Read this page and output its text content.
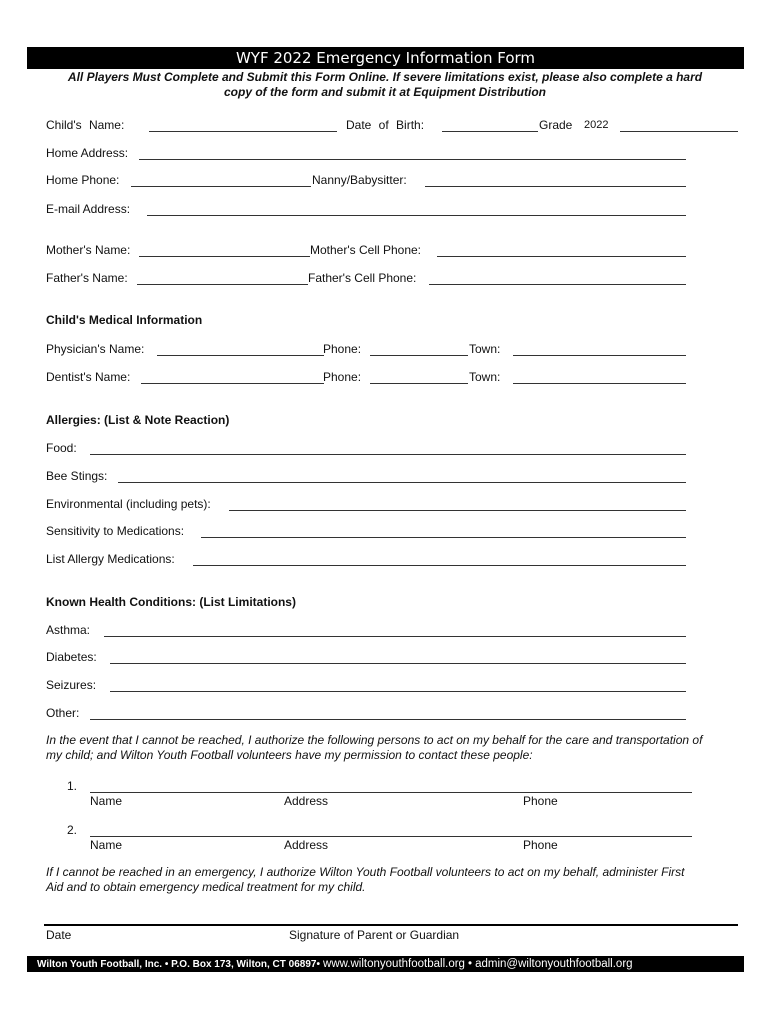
WYF 2022 Emergency Information Form
All Players Must Complete and Submit this Form Online. If severe limitations exist, please also complete a hard
copy of the form and submit it at Equipment Distribution
Child's Name:	Date of Birth:	Grade 2022
Home Address:
Home Phone:	Nanny/Babysitter:
E-mail Address:
Mother's Name:	Mother's Cell Phone:
Father's Name:	Father's Cell Phone:
Child's Medical Information
Physician's Name:	Phone:	Town:
Dentist's Name:	Phone:	Town:
Allergies: (List & Note Reaction)
Food:
Bee Stings:
Environmental (including pets):
Sensitivity to Medications:
List Allergy Medications:
Known Health Conditions: (List Limitations)
Asthma:
Diabetes:
Seizures:
Other:
In the event that I cannot be reached, I authorize the following persons to act on my behalf for the care and transportation of
my child; and Wilton Youth Football volunteers have my permission to contact these people:
1.
Name	Address	Phone
2.
Name	Address	Phone
If I cannot be reached in an emergency, I authorize Wilton Youth Football volunteers to act on my behalf, administer First
Aid and to obtain emergency medical treatment for my child.
Date	Signature of Parent or Guardian
Wilton Youth Football, Inc. • P.O. Box 173, Wilton, CT 06897• www.wiltonyouthfootball.org • admin@wiltonyouthfootball.org
